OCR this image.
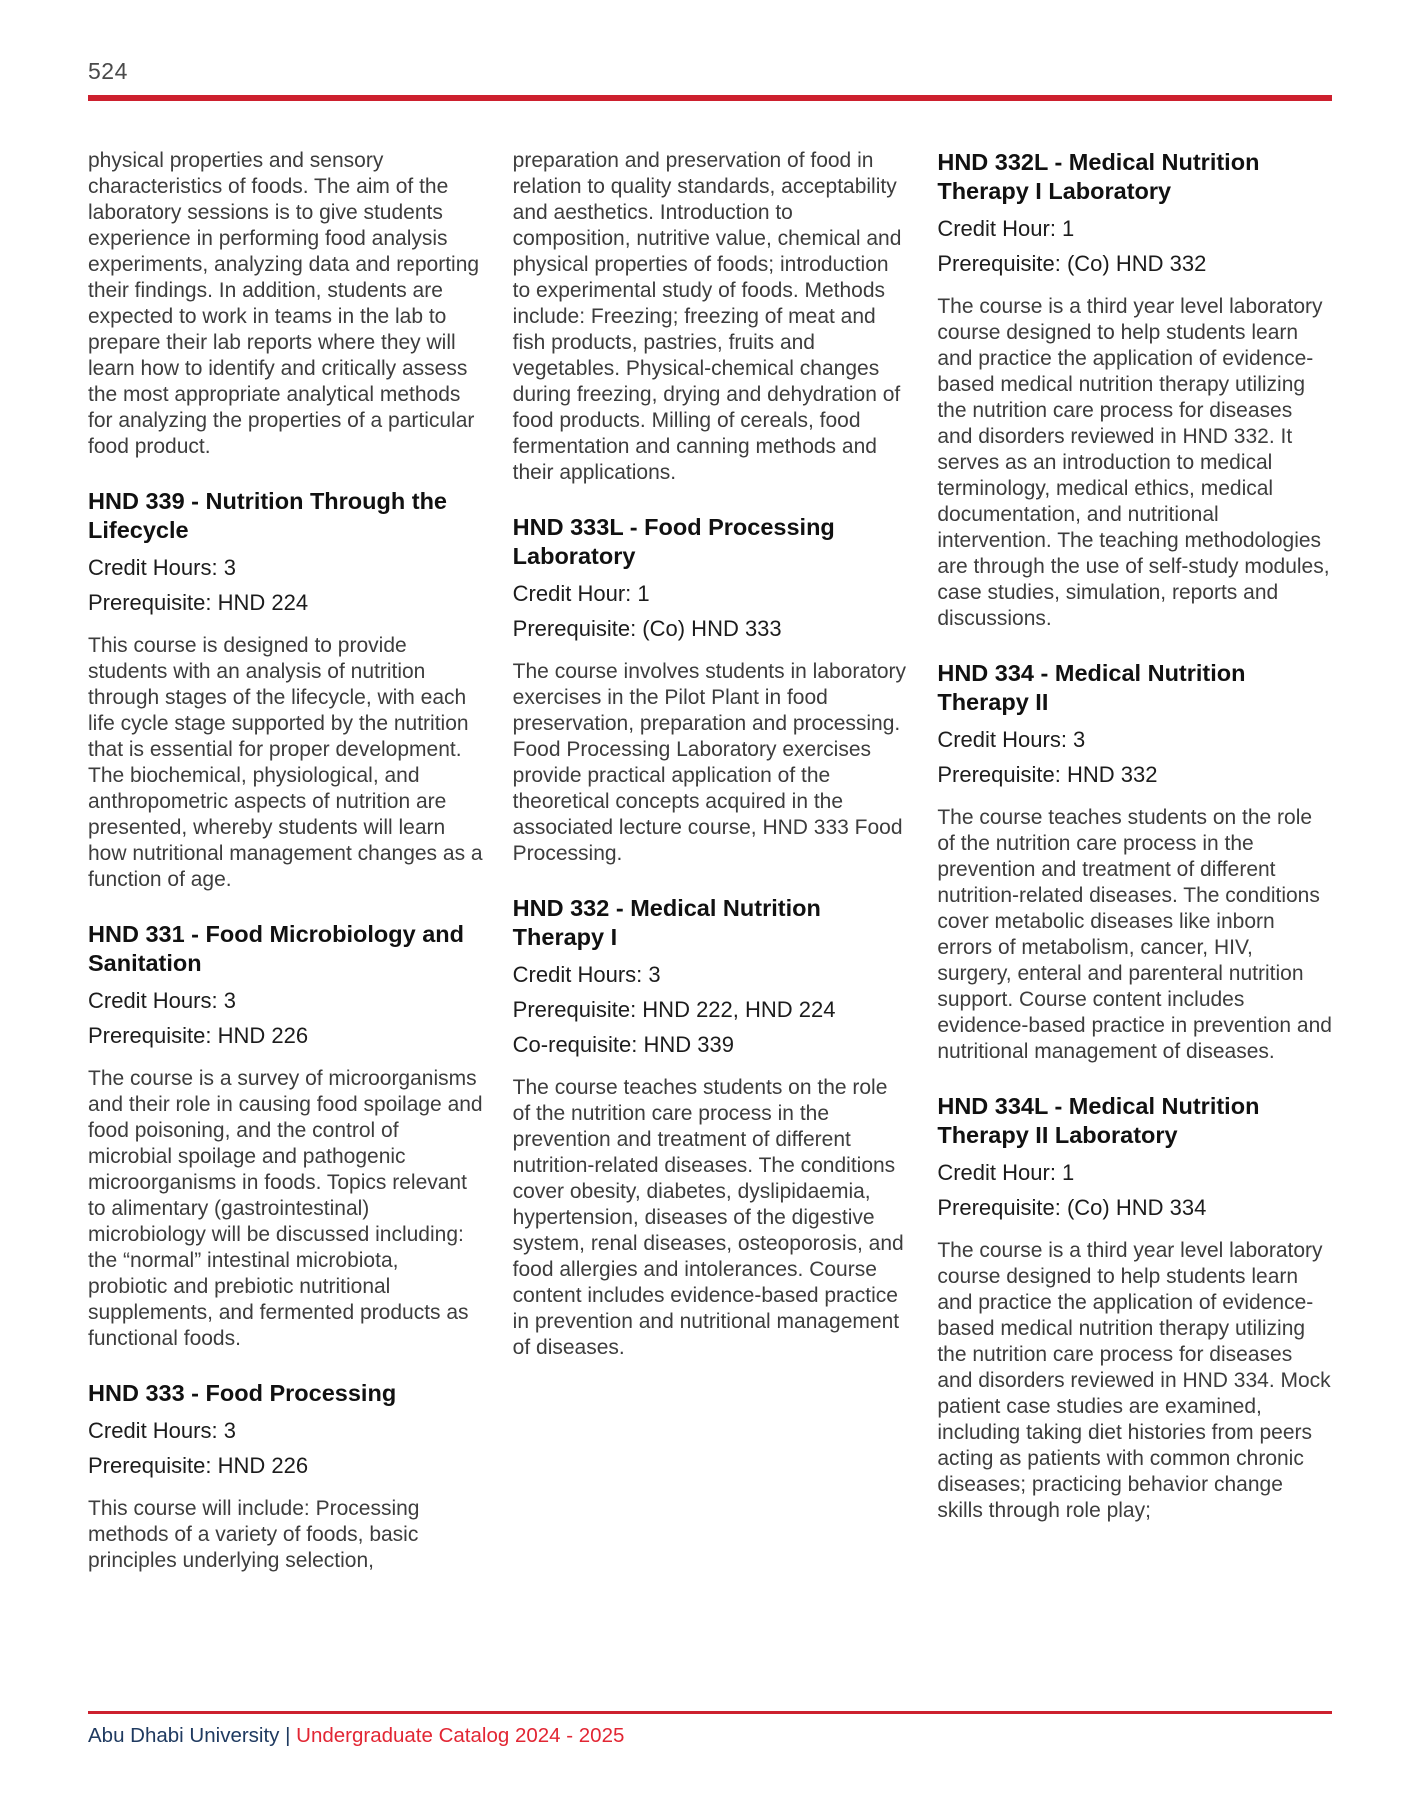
524
physical properties and sensory characteristics of foods. The aim of the laboratory sessions is to give students experience in performing food analysis experiments, analyzing data and reporting their findings. In addition, students are expected to work in teams in the lab to prepare their lab reports where they will learn how to identify and critically assess the most appropriate analytical methods for analyzing the properties of a particular food product.
HND 339 - Nutrition Through the Lifecycle
Credit Hours: 3
Prerequisite: HND 224
This course is designed to provide students with an analysis of nutrition through stages of the lifecycle, with each life cycle stage supported by the nutrition that is essential for proper development. The biochemical, physiological, and anthropometric aspects of nutrition are presented, whereby students will learn how nutritional management changes as a function of age.
HND 331 - Food Microbiology and Sanitation
Credit Hours: 3
Prerequisite: HND 226
The course is a survey of microorganisms and their role in causing food spoilage and food poisoning, and the control of microbial spoilage and pathogenic microorganisms in foods. Topics relevant to alimentary (gastrointestinal) microbiology will be discussed including: the “normal” intestinal microbiota, probiotic and prebiotic nutritional supplements, and fermented products as functional foods.
HND 333 - Food Processing
Credit Hours: 3
Prerequisite: HND 226
This course will include: Processing methods of a variety of foods, basic principles underlying selection,
preparation and preservation of food in relation to quality standards, acceptability and aesthetics. Introduction to composition, nutritive value, chemical and physical properties of foods; introduction to experimental study of foods. Methods include: Freezing; freezing of meat and fish products, pastries, fruits and vegetables. Physical-chemical changes during freezing, drying and dehydration of food products. Milling of cereals, food fermentation and canning methods and their applications.
HND 333L - Food Processing Laboratory
Credit Hour: 1
Prerequisite: (Co) HND 333
The course involves students in laboratory exercises in the Pilot Plant in food preservation, preparation and processing. Food Processing Laboratory exercises provide practical application of the theoretical concepts acquired in the associated lecture course, HND 333 Food Processing.
HND 332 - Medical Nutrition Therapy I
Credit Hours: 3
Prerequisite: HND 222, HND 224
Co-requisite: HND 339
The course teaches students on the role of the nutrition care process in the prevention and treatment of different nutrition-related diseases. The conditions cover obesity, diabetes, dyslipidaemia, hypertension, diseases of the digestive system, renal diseases, osteoporosis, and food allergies and intolerances. Course content includes evidence-based practice in prevention and nutritional management of diseases.
HND 332L - Medical Nutrition Therapy I Laboratory
Credit Hour: 1
Prerequisite: (Co) HND 332
The course is a third year level laboratory course designed to help students learn and practice the application of evidence-based medical nutrition therapy utilizing the nutrition care process for diseases and disorders reviewed in HND 332. It serves as an introduction to medical terminology, medical ethics, medical documentation, and nutritional intervention. The teaching methodologies are through the use of self-study modules, case studies, simulation, reports and discussions.
HND 334 - Medical Nutrition Therapy II
Credit Hours: 3
Prerequisite: HND 332
The course teaches students on the role of the nutrition care process in the prevention and treatment of different nutrition-related diseases. The conditions cover metabolic diseases like inborn errors of metabolism, cancer, HIV, surgery, enteral and parenteral nutrition support. Course content includes evidence-based practice in prevention and nutritional management of diseases.
HND 334L - Medical Nutrition Therapy II Laboratory
Credit Hour: 1
Prerequisite: (Co) HND 334
The course is a third year level laboratory course designed to help students learn and practice the application of evidence-based medical nutrition therapy utilizing the nutrition care process for diseases and disorders reviewed in HND 334. Mock patient case studies are examined, including taking diet histories from peers acting as patients with common chronic diseases; practicing behavior change skills through role play;
Abu Dhabi University | Undergraduate Catalog 2024 - 2025
